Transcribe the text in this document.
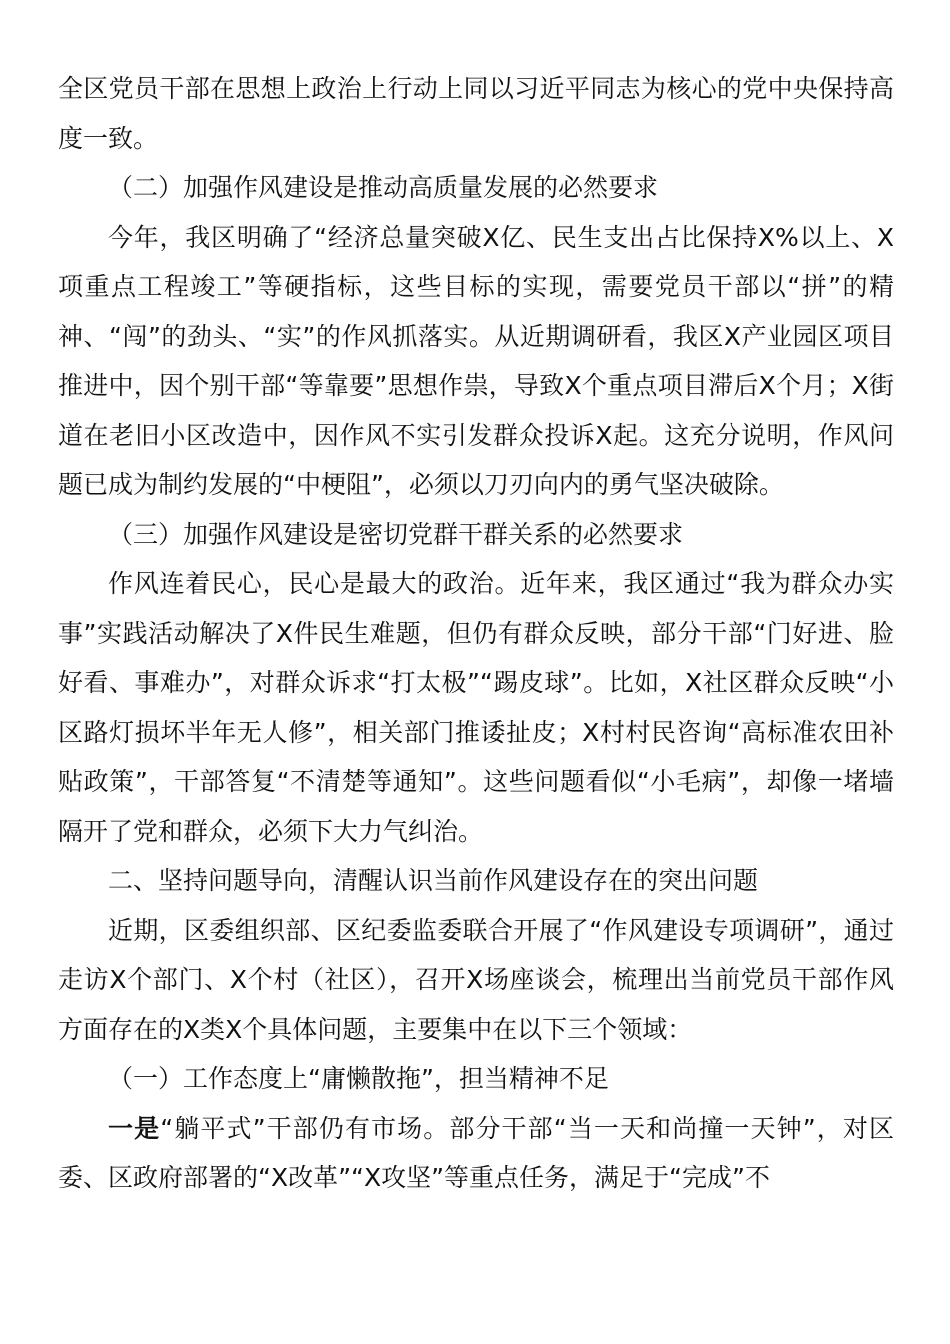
全区党员干部在思想上政治上行动上同以习近平同志为核心的党中央保持高度一致。

（二）加强作风建设是推动高质量发展的必然要求

今年，我区明确了“经济总量突破X亿、民生支出占比保持X%以上、X项重点工程竣工”等硬指标，这些目标的实现，需要党员干部以“拼”的精神、“闯”的劲头、“实”的作风抓落实。从近期调研看，我区X产业园区项目推进中，因个别干部“等靠要”思想作祟，导致X个重点项目滞后X个月；X街道在老旧小区改造中，因作风不实引发群众投诉X起。这充分说明，作风问题已成为制约发展的“中梗阻”，必须以刀刃向内的勇气坚决破除。

（三）加强作风建设是密切党群干群关系的必然要求

作风连着民心，民心是最大的政治。近年来，我区通过“我为群众办实事”实践活动解决了X件民生难题，但仍有群众反映，部分干部“门好进、脸好看、事难办”，对群众诉求“打太极”“踢皮球”。比如，X社区群众反映“小区路灯损坏半年无人修”，相关部门推诿扯皮；X村村民咨询“高标准农田补贴政策”，干部答复“不清楚等通知”。这些问题看似“小毛病”，却像一堵墙隔开了党和群众，必须下大力气纠治。

二、坚持问题导向，清醒认识当前作风建设存在的突出问题

近期，区委组织部、区纪委监委联合开展了“作风建设专项调研”，通过走访X个部门、X个村（社区），召开X场座谈会，梳理出当前党员干部作风方面存在的X类X个具体问题，主要集中在以下三个领域：

（一）工作态度上“庸懒散拖”，担当精神不足

一是“躺平式”干部仍有市场。部分干部“当一天和尚撞一天钟”，对区委、区政府部署的“X改革”“X攻坚”等重点任务，满足于“完成”不
